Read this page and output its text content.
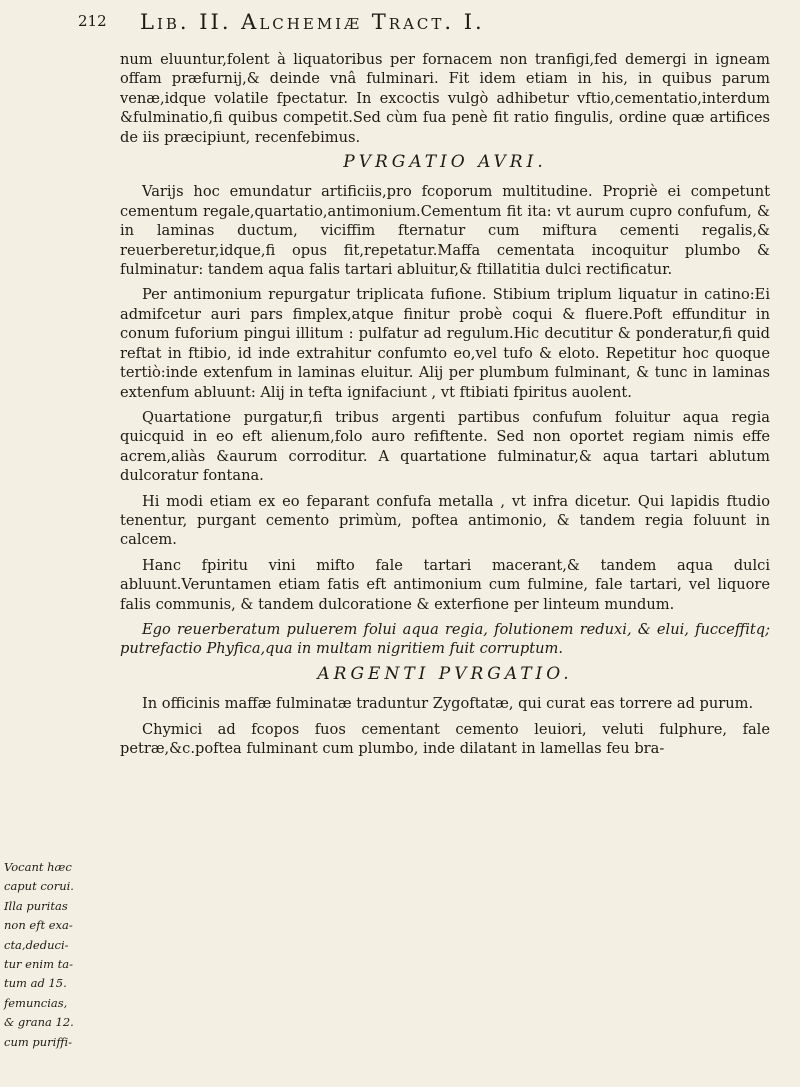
212 Lib. II. Alchemiæ Tract. I.

num eluuntur,folent à liquatoribus per fornacem non tranfigi,fed demergi in igneam offam præfurnij,& deinde vnâ fulminari. Fit idem etiam in his, in quibus parum venæ,idque volatile fpectatur. In excoctis vulgò adhibetur vftio,cementatio,interdum &fulminatio,fi quibus competit.Sed cùm fua penè fit ratio fingulis, ordine quæ artifices de iis præcipiunt, recenfebimus.

PVRGATIO AVRI.

Varijs hoc emundatur artificiis,pro fcoporum multitudine. Propriè ei competunt cementum regale,quartatio,antimonium.Cementum fit ita: vt aurum cupro confufum, & in laminas ductum, viciffim fternatur cum miftura cementi regalis,& reuerberetur,idque,fi opus fit,repetatur.Maffa cementata incoquitur plumbo & fulminatur: tandem aqua falis tartari abluitur,& ftillatitia dulci rectificatur.

Per antimonium repurgatur triplicata fufione. Stibium triplum liquatur in catino:Ei admifcetur auri pars fimplex,atque finitur probè coqui & fluere.Poft effunditur in conum fuforium pingui illitum : pulfatur ad regulum.Hic decutitur & ponderatur,fi quid reftat in ftibio, id inde extrahitur confumto eo,vel tufo & eloto. Repetitur hoc quoque tertiò:inde extenfum in laminas eluitur. Alij per plumbum fulminant, & tunc in laminas extenfum abluunt: Alij in tefta ignifaciunt , vt ftibiati fpiritus auolent.

Quartatione purgatur,fi tribus argenti partibus confufum foluitur aqua regia quicquid in eo eft alienum,folo auro refiftente. Sed non oportet regiam nimis effe acrem,aliàs &aurum corroditur. A quartatione fulminatur,& aqua tartari ablutum dulcoratur fontana.

Hi modi etiam ex eo feparant confufa metalla , vt infra dicetur. Qui lapidis ftudio tenentur, purgant cemento primùm, poftea antimonio, & tandem regia foluunt in calcem.

Hanc fpiritu vini mifto fale tartari macerant,& tandem aqua dulci abluunt.Veruntamen etiam fatis eft antimonium cum fulmine, fale tartari, vel liquore falis communis, & tandem dulcoratione & exterfione per linteum mundum.

Ego reuerberatum puluerem folui aqua regia, folutionem reduxi, & elui, fucceffitq; putrefactio Phyfica,qua in multam nigritiem fuit corruptum.

ARGENTI PVRGATIO.

In officinis maffæ fulminatæ traduntur Zygoftatæ, qui curat eas torrere ad purum.

Chymici ad fcopos fuos cementant cemento leuiori, veluti fulphure, fale petræ,&c.poftea fulminant cum plumbo, inde dilatant in lamellas feu bra-

Vocant hæc
caput corui.
Illa puritas
non eft exa-
cta,deduci-
tur enim ta-
tum ad 15.
femuncias,
& grana 12.
cum puriffi-
